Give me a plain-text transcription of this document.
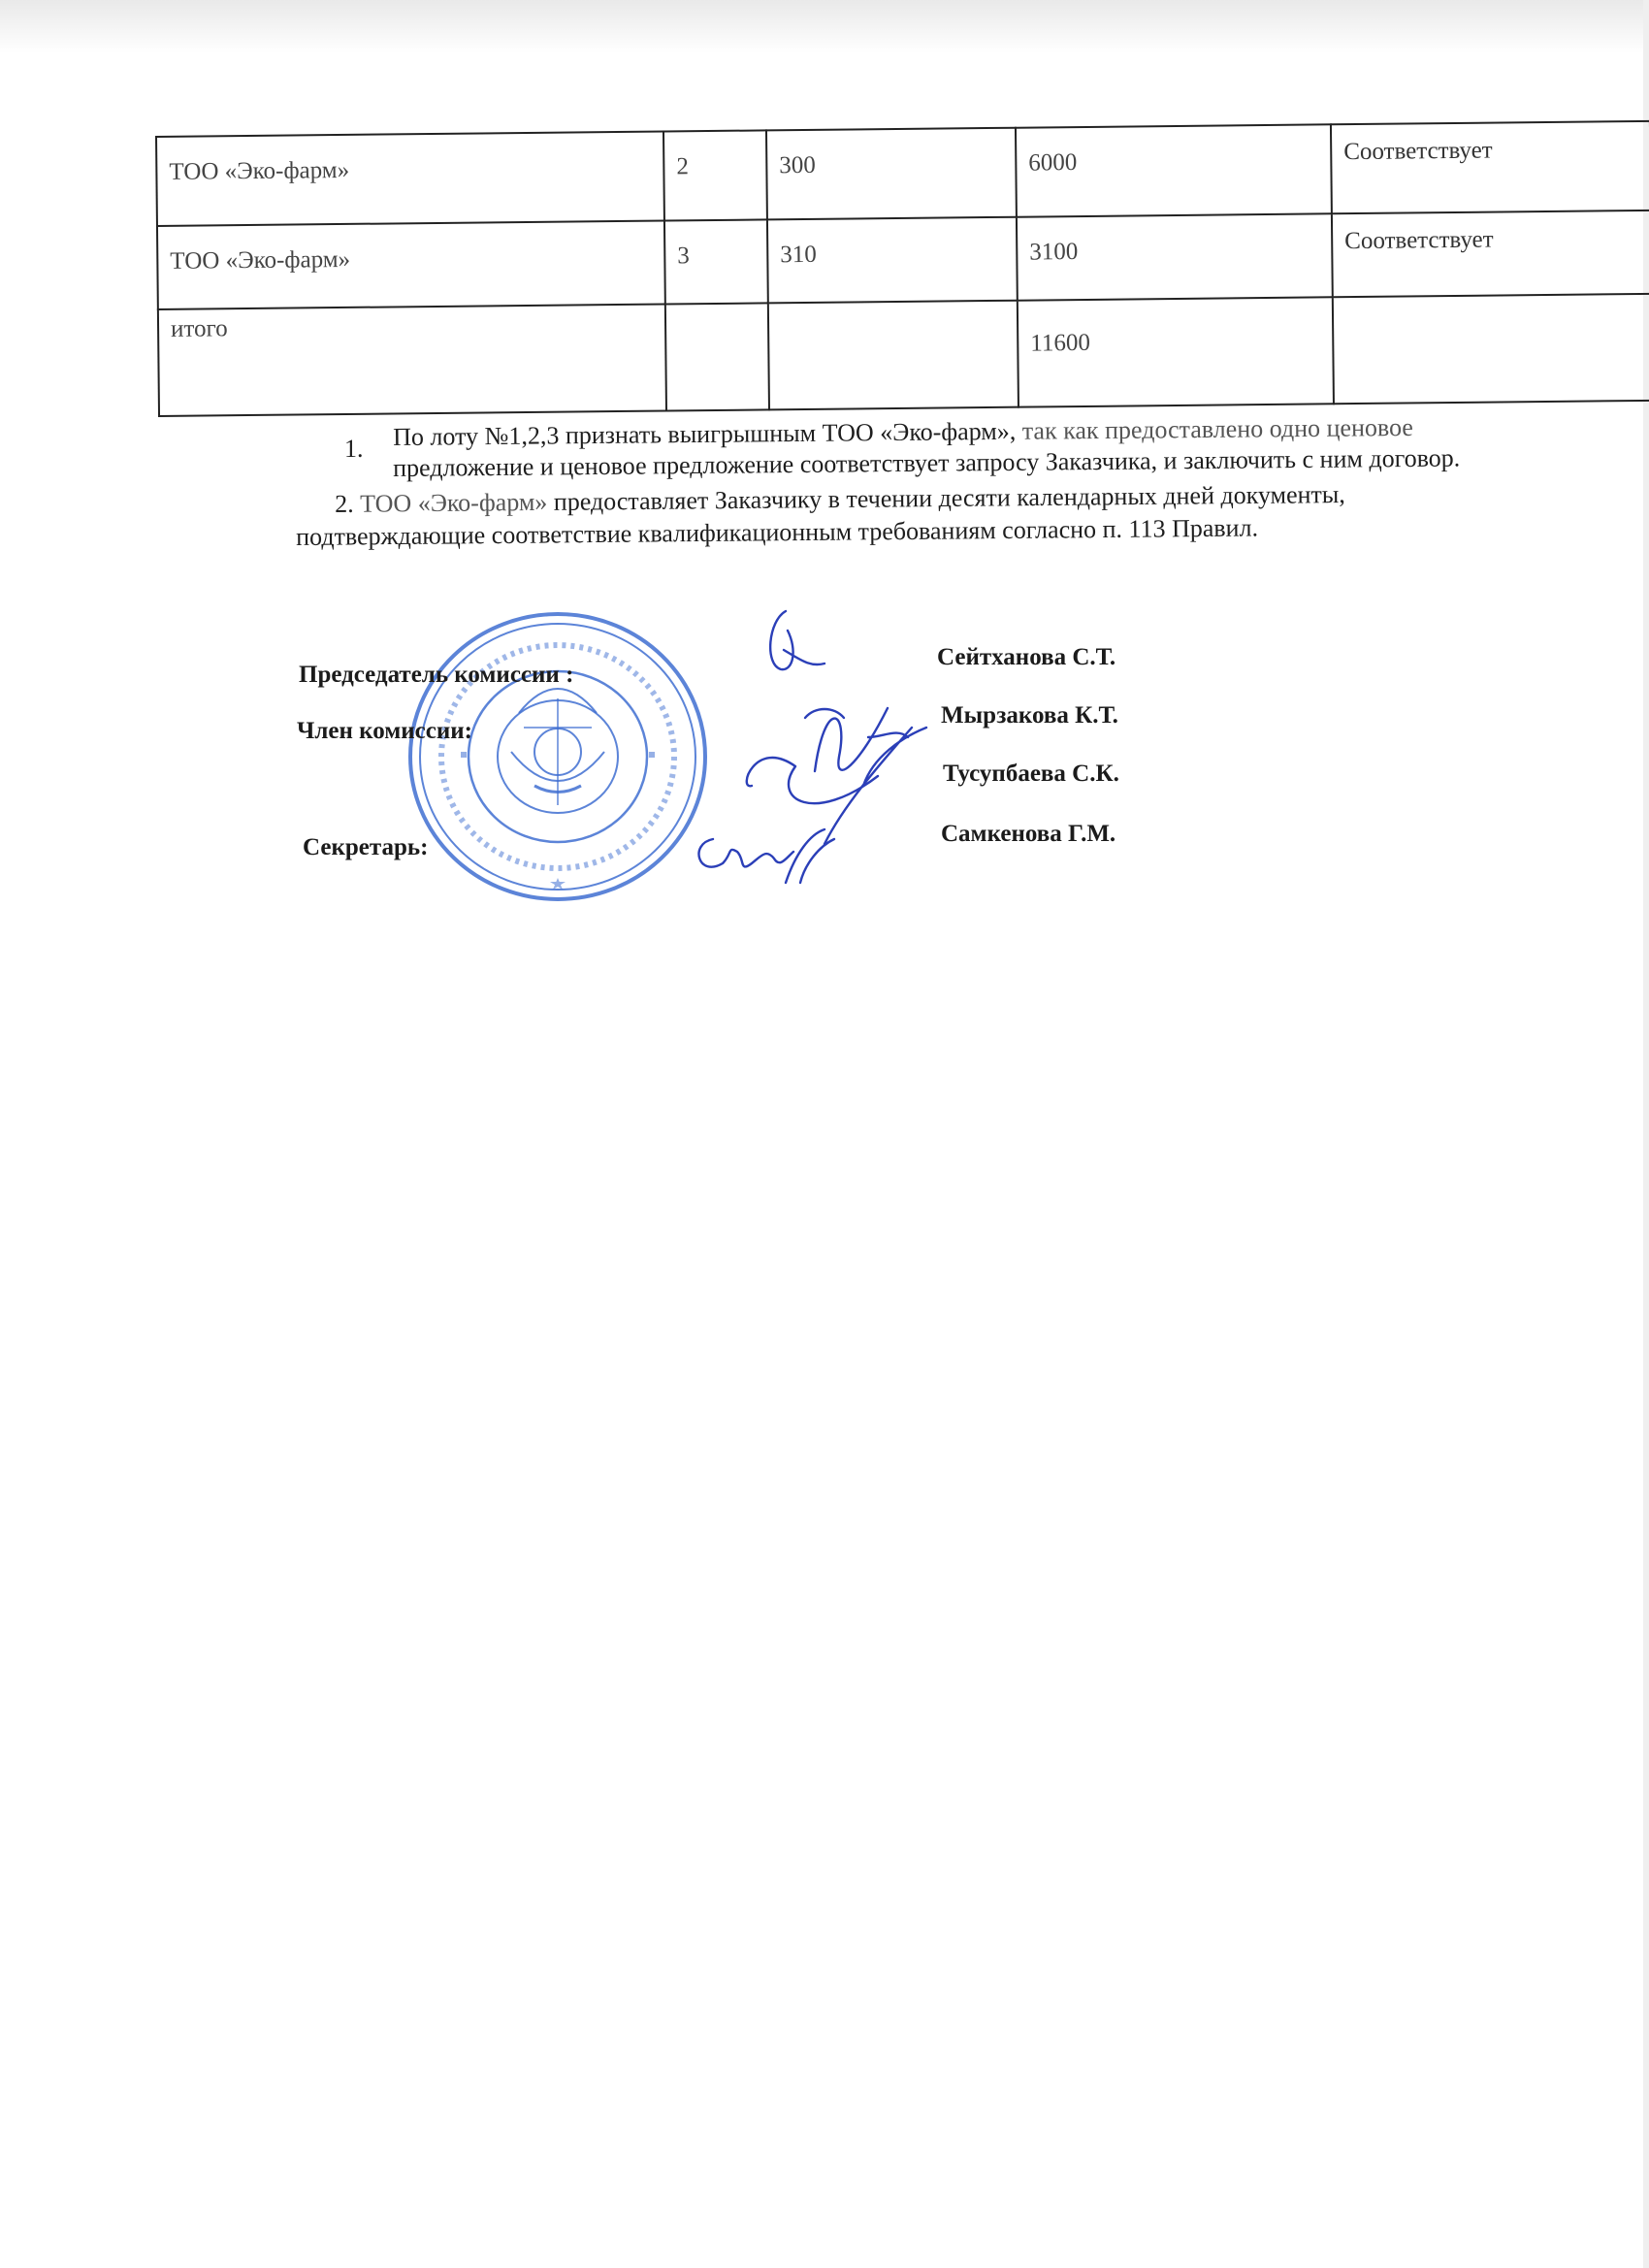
ТОО «Эко-фарм»	2	300	6000	Соответствует
ТОО «Эко-фарм»	3	310	3100	Соответствует
итого			11600	
1. По лоту №1,2,3 признать выигрышным ТОО «Эко-фарм», так как предоставлено одно ценовое
предложение и ценовое предложение соответствует запросу Заказчика, и заключить с ним договор.
2. ТОО «Эко-фарм» предоставляет Заказчику в течении десяти календарных дней документы,
подтверждающие соответствие квалификационным требованиям согласно п. 113 Правил.
Председатель комиссии :
Член комиссии:
Секретарь:
Сейтханова С.Т.
Мырзакова К.Т.
Тусупбаева С.К.
Самкенова Г.М.
